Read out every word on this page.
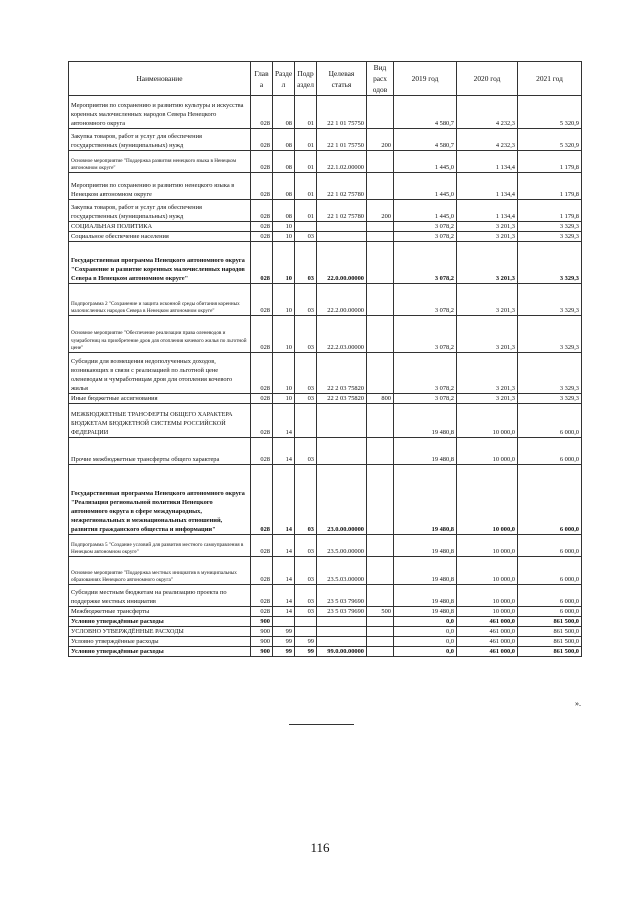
Наименование	Глав а	Разде л	Подр аздел	Целевая статья	Вид расх одов	2019 год	2020 год	2021 год
Мероприятия по сохранению и развитию культуры и искусства коренных малочисленных народов Севера Ненецкого автономного округа	028	08	01	22 1 01 75750		4 580,7	4 232,3	5 320,9
Закупка товаров, работ и услуг для обеспечения государственных (муниципальных) нужд	028	08	01	22 1 01 75750	200	4 580,7	4 232,3	5 320,9
Основное мероприятие "Поддержка развития ненецкого языка в Ненецком автономном округе"	028	08	01	22.1.02.00000		1 445,0	1 134,4	1 179,8
Мероприятия по сохранению и развитию ненецкого языка в Ненецком автономном округе	028	08	01	22 1 02 75780		1 445,0	1 134,4	1 179,8
Закупка товаров, работ и услуг для обеспечения государственных (муниципальных) нужд	028	08	01	22 1 02 75780	200	1 445,0	1 134,4	1 179,8
СОЦИАЛЬНАЯ ПОЛИТИКА	028	10				3 078,2	3 201,3	3 329,3
Социальное обеспечение населения	028	10	03			3 078,2	3 201,3	3 329,3
Государственная программа Ненецкого автономного округа "Сохранение и развитие коренных малочисленных народов Севера в Ненецком автономном округе"	028	10	03	22.0.00.00000		3 078,2	3 201,3	3 329,3
Подпрограмма 2 "Сохранение и защита исконной среды обитания коренных малочисленных народов Севера в Ненецком автономном округе"	028	10	03	22.2.00.00000		3 078,2	3 201,3	3 329,3
Основное мероприятие "Обеспечение реализации права оленеводов и чумработниц на приобретение дров для отопления кочевого жилья по льготной цене"	028	10	03	22.2.03.00000		3 078,2	3 201,3	3 329,3
Субсидии для возмещения недополученных доходов, возникающих в связи с реализацией по льготной цене оленеводам и чумработницам дров для отопления кочевого жилья	028	10	03	22 2 03 75820		3 078,2	3 201,3	3 329,3
Иные бюджетные ассигнования	028	10	03	22 2 03 75820	800	3 078,2	3 201,3	3 329,3
МЕЖБЮДЖЕТНЫЕ ТРАНСФЕРТЫ ОБЩЕГО ХАРАКТЕРА БЮДЖЕТАМ БЮДЖЕТНОЙ СИСТЕМЫ РОССИЙСКОЙ ФЕДЕРАЦИИ	028	14				19 480,8	10 000,0	6 000,0
Прочие межбюджетные трансферты общего характера	028	14	03			19 480,8	10 000,0	6 000,0
Государственная программа Ненецкого автономного округа "Реализация региональной политики Ненецкого автономного округа в сфере международных, межрегиональных и межнациональных отношений, развития гражданского общества и информации"	028	14	03	23.0.00.00000		19 480,8	10 000,0	6 000,0
Подпрограмма 5 "Создание условий для развития местного самоуправления в Ненецком автономном округе"	028	14	03	23.5.00.00000		19 480,8	10 000,0	6 000,0
Основное мероприятие "Поддержка местных инициатив в муниципальных образованиях Ненецкого автономного округа"	028	14	03	23.5.03.00000		19 480,8	10 000,0	6 000,0
Субсидии местным бюджетам на реализацию проекта по поддержке местных инициатив	028	14	03	23 5 03 79690		19 480,8	10 000,0	6 000,0
Межбюджетные трансферты	028	14	03	23 5 03 79690	500	19 480,8	10 000,0	6 000,0
Условно утверждённые расходы	900					0,0	461 000,0	861 500,0
УСЛОВНО УТВЕРЖДЁННЫЕ РАСХОДЫ	900	99				0,0	461 000,0	861 500,0
Условно утверждённые расходы	900	99	99			0,0	461 000,0	861 500,0
Условно утверждённые расходы	900	99	99	99.0.00.00000		0,0	461 000,0	861 500,0
».
116
